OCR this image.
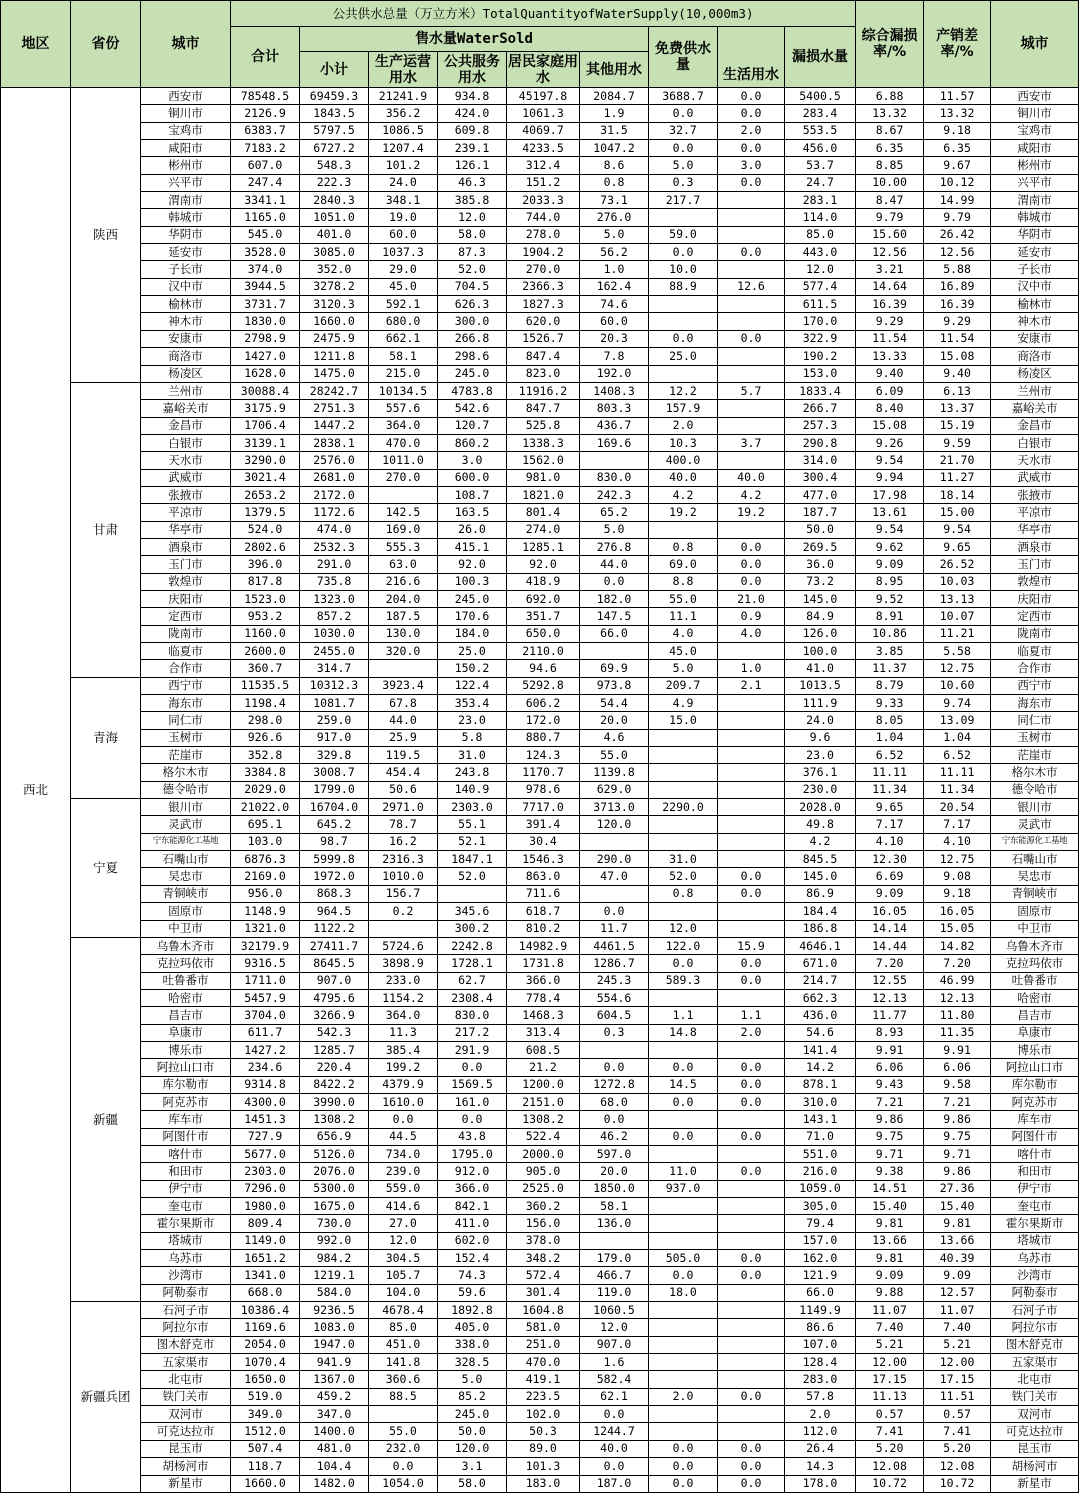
地区	省份	城市	公共供水总量（万立方米）TotalQuantityofWaterSupply(10,000m3)									综合漏损率/%	产销差率/%	城市
			合计	售水量WaterSold					免费供水量	生活用水	漏损水量			
				小计	生产运营用水	公共服务用水	居民家庭用水	其他用水						
西北	陕西	西安市	78548.5	69459.3	21241.9	934.8	45197.8	2084.7	3688.7	0.0	5400.5	6.88	11.57	西安市
		铜川市	2126.9	1843.5	356.2	424.0	1061.3	1.9	0.0	0.0	283.4	13.32	13.32	铜川市
		宝鸡市	6383.7	5797.5	1086.5	609.8	4069.7	31.5	32.7	2.0	553.5	8.67	9.18	宝鸡市
		咸阳市	7183.2	6727.2	1207.4	239.1	4233.5	1047.2	0.0	0.0	456.0	6.35	6.35	咸阳市
		彬州市	607.0	548.3	101.2	126.1	312.4	8.6	5.0	3.0	53.7	8.85	9.67	彬州市
		兴平市	247.4	222.3	24.0	46.3	151.2	0.8	0.3	0.0	24.7	10.00	10.12	兴平市
		渭南市	3341.1	2840.3	348.1	385.8	2033.3	73.1	217.7		283.1	8.47	14.99	渭南市
		韩城市	1165.0	1051.0	19.0	12.0	744.0	276.0			114.0	9.79	9.79	韩城市
		华阴市	545.0	401.0	60.0	58.0	278.0	5.0	59.0		85.0	15.60	26.42	华阴市
		延安市	3528.0	3085.0	1037.3	87.3	1904.2	56.2	0.0	0.0	443.0	12.56	12.56	延安市
		子长市	374.0	352.0	29.0	52.0	270.0	1.0	10.0		12.0	3.21	5.88	子长市
		汉中市	3944.5	3278.2	45.0	704.5	2366.3	162.4	88.9	12.6	577.4	14.64	16.89	汉中市
		榆林市	3731.7	3120.3	592.1	626.3	1827.3	74.6			611.5	16.39	16.39	榆林市
		神木市	1830.0	1660.0	680.0	300.0	620.0	60.0			170.0	9.29	9.29	神木市
		安康市	2798.9	2475.9	662.1	266.8	1526.7	20.3	0.0	0.0	322.9	11.54	11.54	安康市
		商洛市	1427.0	1211.8	58.1	298.6	847.4	7.8	25.0		190.2	13.33	15.08	商洛市
		杨凌区	1628.0	1475.0	215.0	245.0	823.0	192.0			153.0	9.40	9.40	杨凌区
	甘肃	兰州市	30088.4	28242.7	10134.5	4783.8	11916.2	1408.3	12.2	5.7	1833.4	6.09	6.13	兰州市
		嘉峪关市	3175.9	2751.3	557.6	542.6	847.7	803.3	157.9		266.7	8.40	13.37	嘉峪关市
		金昌市	1706.4	1447.2	364.0	120.7	525.8	436.7	2.0		257.3	15.08	15.19	金昌市
		白银市	3139.1	2838.1	470.0	860.2	1338.3	169.6	10.3	3.7	290.8	9.26	9.59	白银市
		天水市	3290.0	2576.0	1011.0	3.0	1562.0		400.0		314.0	9.54	21.70	天水市
		武威市	3021.4	2681.0	270.0	600.0	981.0	830.0	40.0	40.0	300.4	9.94	11.27	武威市
		张掖市	2653.2	2172.0		108.7	1821.0	242.3	4.2	4.2	477.0	17.98	18.14	张掖市
		平凉市	1379.5	1172.6	142.5	163.5	801.4	65.2	19.2	19.2	187.7	13.61	15.00	平凉市
		华亭市	524.0	474.0	169.0	26.0	274.0	5.0			50.0	9.54	9.54	华亭市
		酒泉市	2802.6	2532.3	555.3	415.1	1285.1	276.8	0.8	0.0	269.5	9.62	9.65	酒泉市
		玉门市	396.0	291.0	63.0	92.0	92.0	44.0	69.0	0.0	36.0	9.09	26.52	玉门市
		敦煌市	817.8	735.8	216.6	100.3	418.9	0.0	8.8	0.0	73.2	8.95	10.03	敦煌市
		庆阳市	1523.0	1323.0	204.0	245.0	692.0	182.0	55.0	21.0	145.0	9.52	13.13	庆阳市
		定西市	953.2	857.2	187.5	170.6	351.7	147.5	11.1	0.9	84.9	8.91	10.07	定西市
		陇南市	1160.0	1030.0	130.0	184.0	650.0	66.0	4.0	4.0	126.0	10.86	11.21	陇南市
		临夏市	2600.0	2455.0	320.0	25.0	2110.0		45.0		100.0	3.85	5.58	临夏市
		合作市	360.7	314.7		150.2	94.6	69.9	5.0	1.0	41.0	11.37	12.75	合作市
	青海	西宁市	11535.5	10312.3	3923.4	122.4	5292.8	973.8	209.7	2.1	1013.5	8.79	10.60	西宁市
		海东市	1198.4	1081.7	67.8	353.4	606.2	54.4	4.9		111.9	9.33	9.74	海东市
		同仁市	298.0	259.0	44.0	23.0	172.0	20.0	15.0		24.0	8.05	13.09	同仁市
		玉树市	926.6	917.0	25.9	5.8	880.7	4.6			9.6	1.04	1.04	玉树市
		茫崖市	352.8	329.8	119.5	31.0	124.3	55.0			23.0	6.52	6.52	茫崖市
		格尔木市	3384.8	3008.7	454.4	243.8	1170.7	1139.8			376.1	11.11	11.11	格尔木市
		德令哈市	2029.0	1799.0	50.6	140.9	978.6	629.0			230.0	11.34	11.34	德令哈市
	宁夏	银川市	21022.0	16704.0	2971.0	2303.0	7717.0	3713.0	2290.0		2028.0	9.65	20.54	银川市
		灵武市	695.1	645.2	78.7	55.1	391.4	120.0			49.8	7.17	7.17	灵武市
		宁东能源化工基地	103.0	98.7	16.2	52.1	30.4				4.2	4.10	4.10	宁东能源化工基地
		石嘴山市	6876.3	5999.8	2316.3	1847.1	1546.3	290.0	31.0		845.5	12.30	12.75	石嘴山市
		吴忠市	2169.0	1972.0	1010.0	52.0	863.0	47.0	52.0	0.0	145.0	6.69	9.08	吴忠市
		青铜峡市	956.0	868.3	156.7		711.6		0.8	0.0	86.9	9.09	9.18	青铜峡市
		固原市	1148.9	964.5	0.2	345.6	618.7	0.0			184.4	16.05	16.05	固原市
		中卫市	1321.0	1122.2		300.2	810.2	11.7	12.0		186.8	14.14	15.05	中卫市
	新疆	乌鲁木齐市	32179.9	27411.7	5724.6	2242.8	14982.9	4461.5	122.0	15.9	4646.1	14.44	14.82	乌鲁木齐市
		克拉玛依市	9316.5	8645.5	3898.9	1728.1	1731.8	1286.7	0.0	0.0	671.0	7.20	7.20	克拉玛依市
		吐鲁番市	1711.0	907.0	233.0	62.7	366.0	245.3	589.3	0.0	214.7	12.55	46.99	吐鲁番市
		哈密市	5457.9	4795.6	1154.2	2308.4	778.4	554.6			662.3	12.13	12.13	哈密市
		昌吉市	3704.0	3266.9	364.0	830.0	1468.3	604.5	1.1	1.1	436.0	11.77	11.80	昌吉市
		阜康市	611.7	542.3	11.3	217.2	313.4	0.3	14.8	2.0	54.6	8.93	11.35	阜康市
		博乐市	1427.2	1285.7	385.4	291.9	608.5				141.4	9.91	9.91	博乐市
		阿拉山口市	234.6	220.4	199.2	0.0	21.2	0.0	0.0	0.0	14.2	6.06	6.06	阿拉山口市
		库尔勒市	9314.8	8422.2	4379.9	1569.5	1200.0	1272.8	14.5	0.0	878.1	9.43	9.58	库尔勒市
		阿克苏市	4300.0	3990.0	1610.0	161.0	2151.0	68.0	0.0	0.0	310.0	7.21	7.21	阿克苏市
		库车市	1451.3	1308.2	0.0	0.0	1308.2	0.0			143.1	9.86	9.86	库车市
		阿图什市	727.9	656.9	44.5	43.8	522.4	46.2	0.0	0.0	71.0	9.75	9.75	阿图什市
		喀什市	5677.0	5126.0	734.0	1795.0	2000.0	597.0			551.0	9.71	9.71	喀什市
		和田市	2303.0	2076.0	239.0	912.0	905.0	20.0	11.0	0.0	216.0	9.38	9.86	和田市
		伊宁市	7296.0	5300.0	559.0	366.0	2525.0	1850.0	937.0		1059.0	14.51	27.36	伊宁市
		奎屯市	1980.0	1675.0	414.6	842.1	360.2	58.1			305.0	15.40	15.40	奎屯市
		霍尔果斯市	809.4	730.0	27.0	411.0	156.0	136.0			79.4	9.81	9.81	霍尔果斯市
		塔城市	1149.0	992.0	12.0	602.0	378.0				157.0	13.66	13.66	塔城市
		乌苏市	1651.2	984.2	304.5	152.4	348.2	179.0	505.0	0.0	162.0	9.81	40.39	乌苏市
		沙湾市	1341.0	1219.1	105.7	74.3	572.4	466.7	0.0	0.0	121.9	9.09	9.09	沙湾市
		阿勒泰市	668.0	584.0	104.0	59.6	301.4	119.0	18.0		66.0	9.88	12.57	阿勒泰市
	新疆兵团	石河子市	10386.4	9236.5	4678.4	1892.8	1604.8	1060.5			1149.9	11.07	11.07	石河子市
		阿拉尔市	1169.6	1083.0	85.0	405.0	581.0	12.0			86.6	7.40	7.40	阿拉尔市
		图木舒克市	2054.0	1947.0	451.0	338.0	251.0	907.0			107.0	5.21	5.21	图木舒克市
		五家渠市	1070.4	941.9	141.8	328.5	470.0	1.6			128.4	12.00	12.00	五家渠市
		北屯市	1650.0	1367.0	360.6	5.0	419.1	582.4			283.0	17.15	17.15	北屯市
		铁门关市	519.0	459.2	88.5	85.2	223.5	62.1	2.0	0.0	57.8	11.13	11.51	铁门关市
		双河市	349.0	347.0		245.0	102.0	0.0			2.0	0.57	0.57	双河市
		可克达拉市	1512.0	1400.0	55.0	50.0	50.3	1244.7			112.0	7.41	7.41	可克达拉市
		昆玉市	507.4	481.0	232.0	120.0	89.0	40.0	0.0	0.0	26.4	5.20	5.20	昆玉市
		胡杨河市	118.7	104.4	0.0	3.1	101.3	0.0	0.0	0.0	14.3	12.08	12.08	胡杨河市
		新星市	1660.0	1482.0	1054.0	58.0	183.0	187.0	0.0	0.0	178.0	10.72	10.72	新星市
